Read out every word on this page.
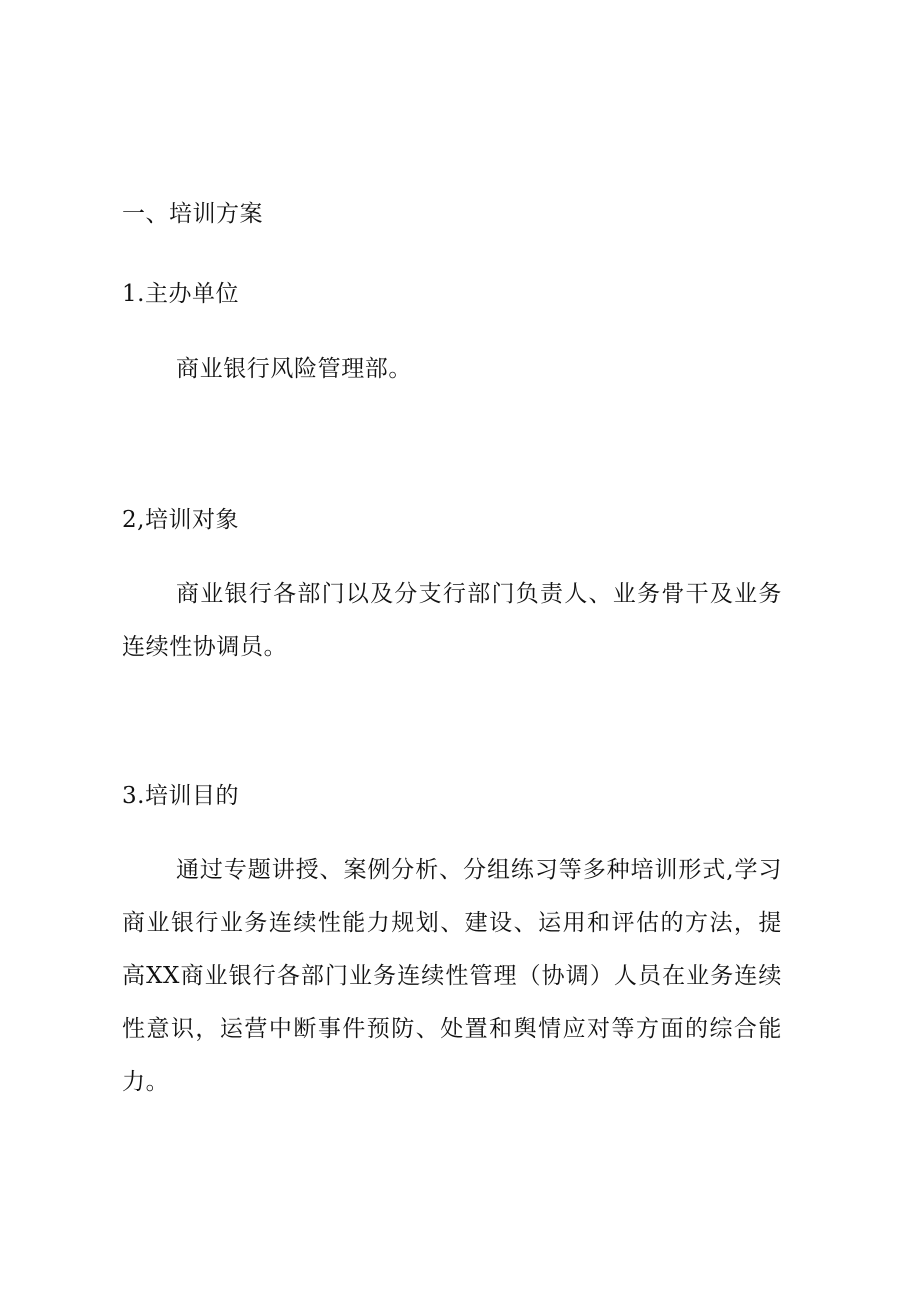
一、培训方案
1.主办单位
商业银行风险管理部。
2,培训对象
商业银行各部门以及分支行部门负责人、业务骨干及业务连续性协调员。
3.培训目的
通过专题讲授、案例分析、分组练习等多种培训形式,学习商业银行业务连续性能力规划、建设、运用和评估的方法，提高XX商业银行各部门业务连续性管理（协调）人员在业务连续性意识，运营中断事件预防、处置和舆情应对等方面的综合能力。
